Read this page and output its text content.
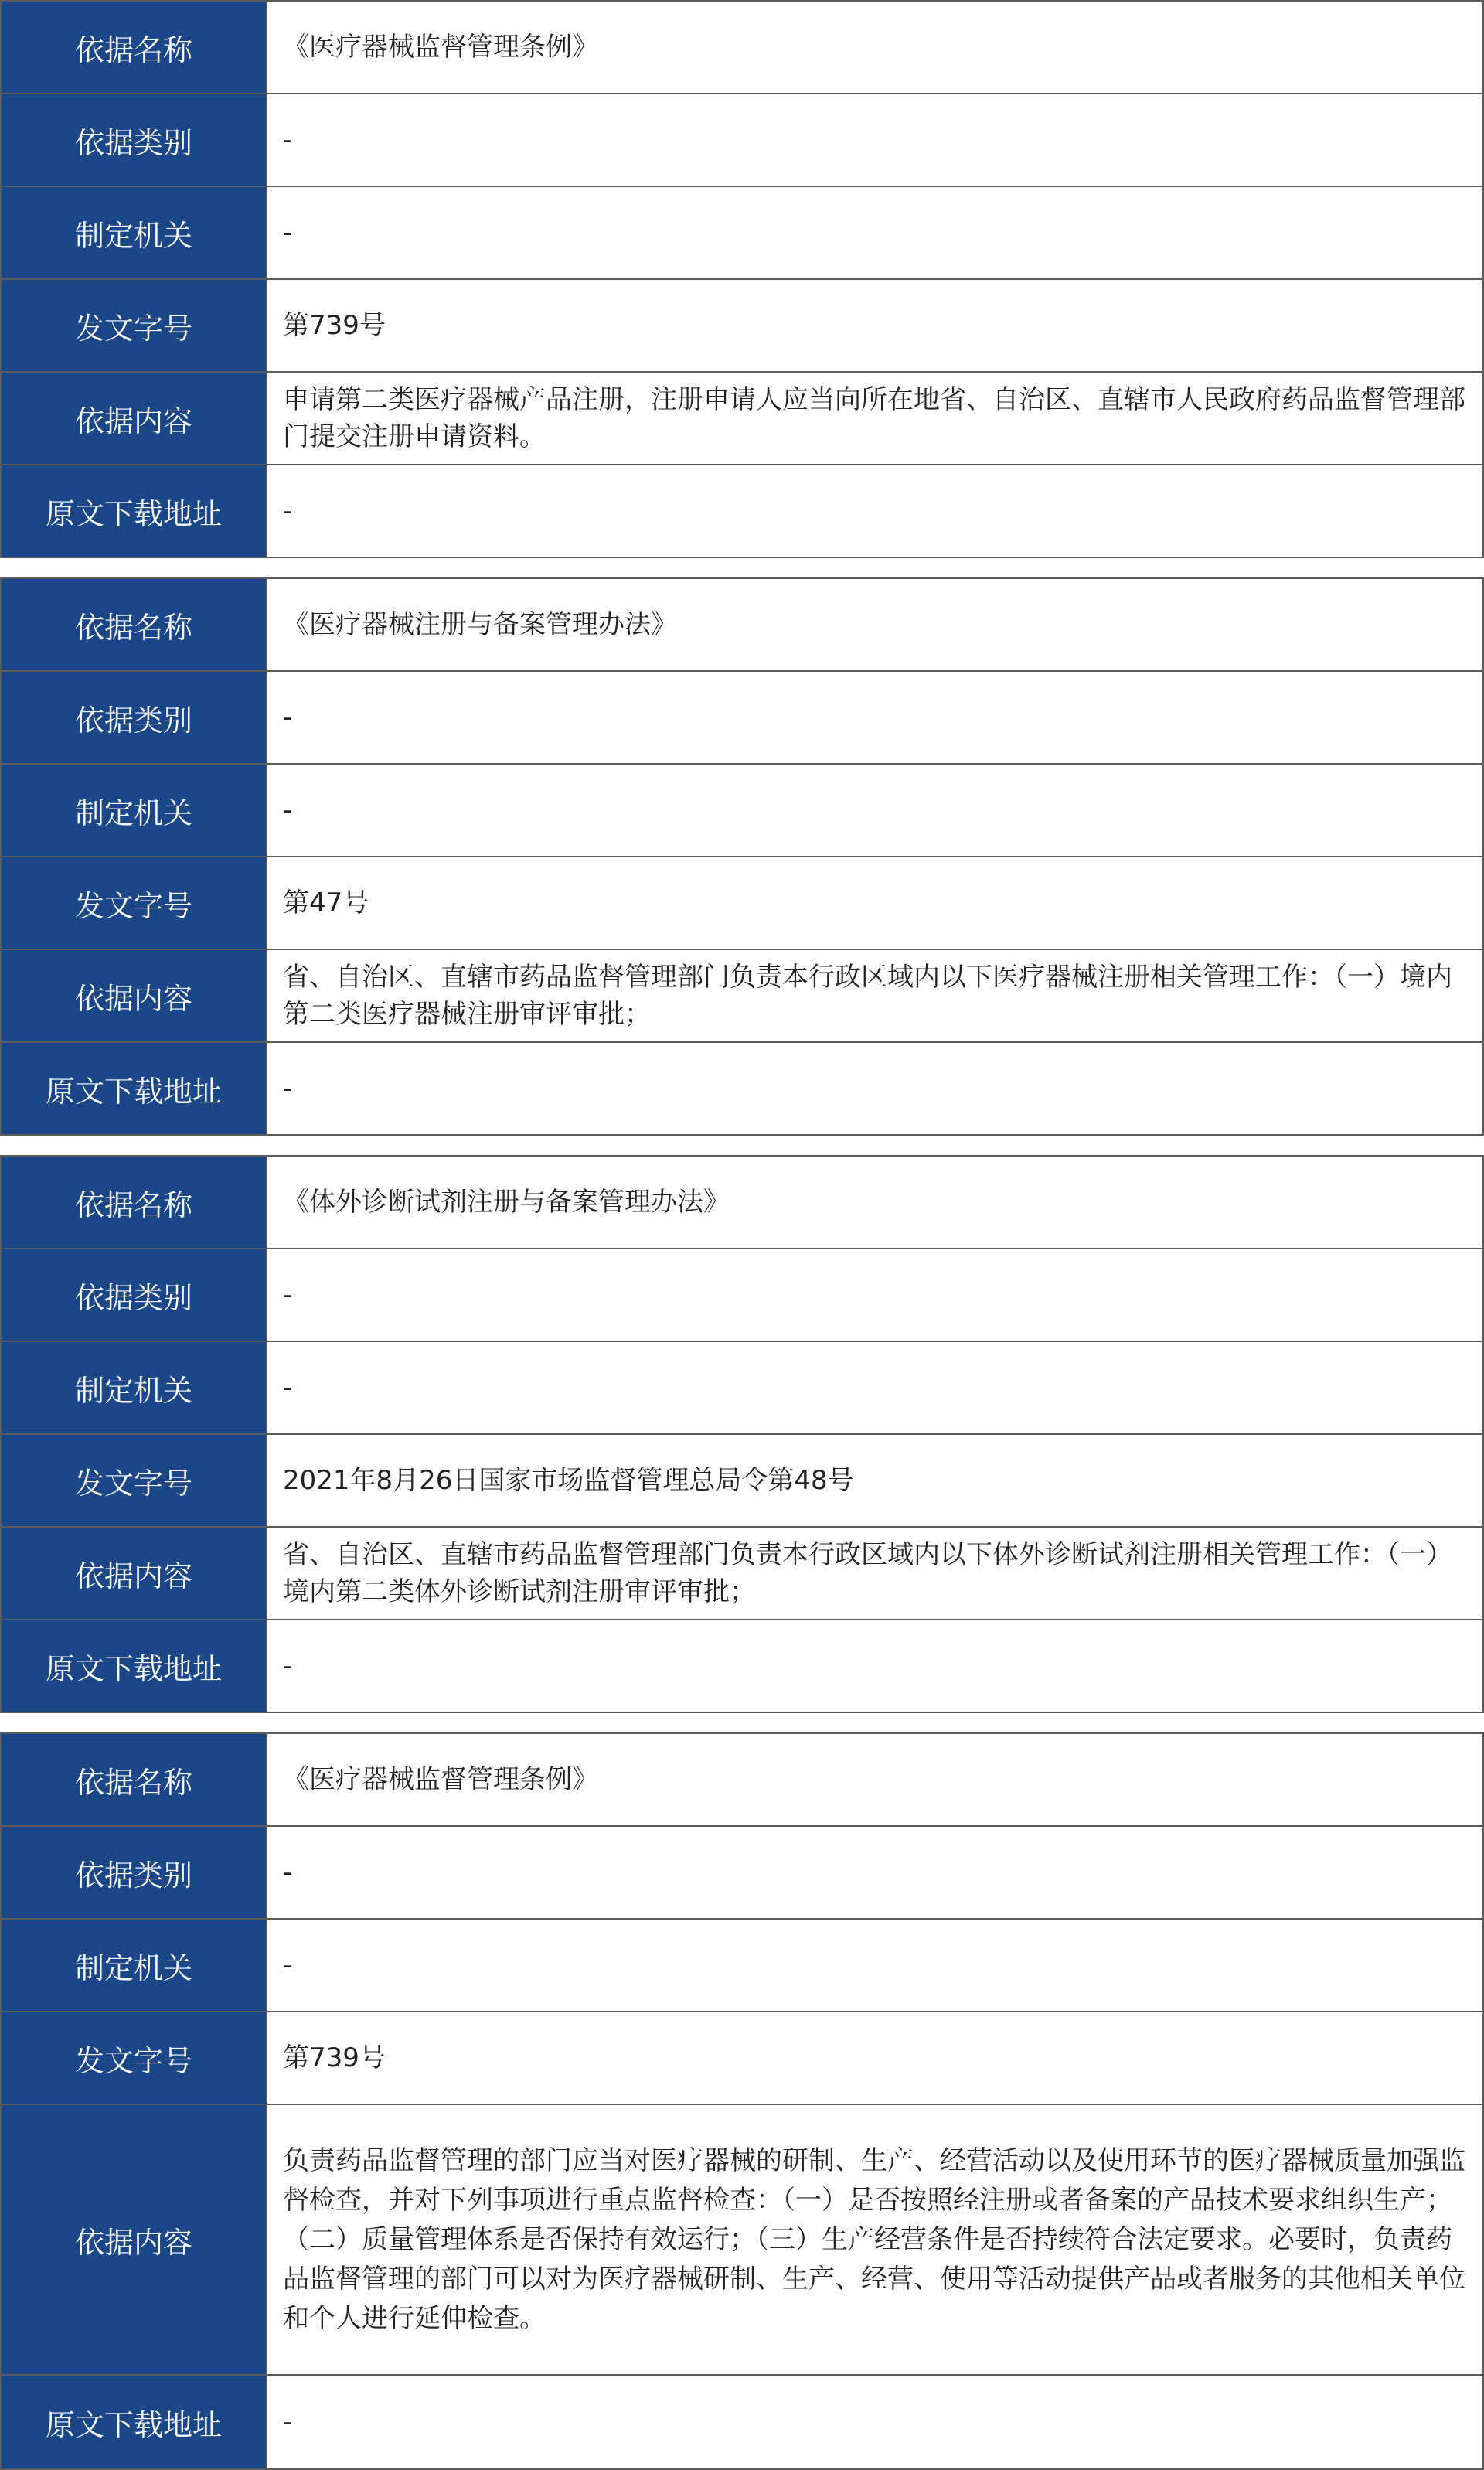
依据名称	《医疗器械监督管理条例》
依据类别	-
制定机关	-
发文字号	第739号
依据内容	申请第二类医疗器械产品注册，注册申请人应当向所在地省、自治区、直辖市人民政府药品监督管理部门提交注册申请资料。
原文下载地址	-
依据名称	《医疗器械注册与备案管理办法》
依据类别	-
制定机关	-
发文字号	第47号
依据内容	省、自治区、直辖市药品监督管理部门负责本行政区域内以下医疗器械注册相关管理工作：（一）境内第二类医疗器械注册审评审批；
原文下载地址	-
依据名称	《体外诊断试剂注册与备案管理办法》
依据类别	-
制定机关	-
发文字号	2021年8月26日国家市场监督管理总局令第48号
依据内容	省、自治区、直辖市药品监督管理部门负责本行政区域内以下体外诊断试剂注册相关管理工作：（一）境内第二类体外诊断试剂注册审评审批；
原文下载地址	-
依据名称	《医疗器械监督管理条例》
依据类别	-
制定机关	-
发文字号	第739号
依据内容	负责药品监督管理的部门应当对医疗器械的研制、生产、经营活动以及使用环节的医疗器械质量加强监督检查，并对下列事项进行重点监督检查：（一）是否按照经注册或者备案的产品技术要求组织生产；（二）质量管理体系是否保持有效运行；（三）生产经营条件是否持续符合法定要求。必要时，负责药品监督管理的部门可以对为医疗器械研制、生产、经营、使用等活动提供产品或者服务的其他相关单位和个人进行延伸检查。
原文下载地址	-
